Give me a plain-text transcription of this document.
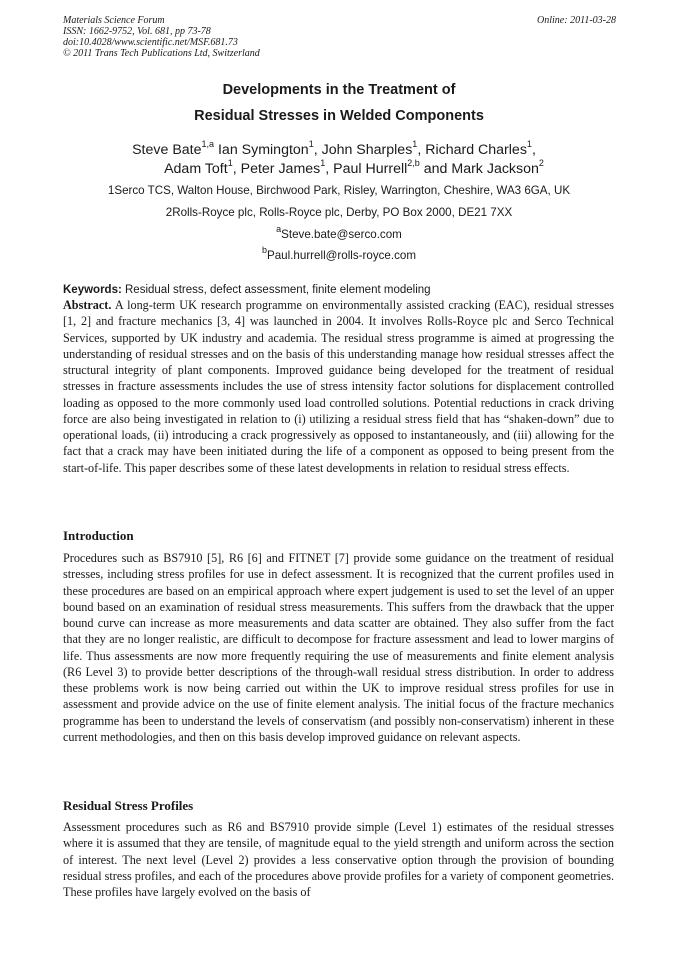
Materials Science Forum
ISSN: 1662-9752, Vol. 681, pp 73-78
doi:10.4028/www.scientific.net/MSF.681.73
© 2011 Trans Tech Publications Ltd, Switzerland
Online: 2011-03-28
Developments in the Treatment of
Residual Stresses in Welded Components
Steve Bate$^{1,a}$ Ian Symington$^1$, John Sharples$^1$, Richard Charles$^1$,
Adam Toft$^1$, Peter James$^1$, Paul Hurrell$^{2,b}$ and Mark Jackson$^2$
1Serco TCS, Walton House, Birchwood Park, Risley, Warrington, Cheshire, WA3 6GA, UK
2Rolls-Royce plc, Rolls-Royce plc, Derby, PO Box 2000, DE21 7XX
$^a$Steve.bate@serco.com
$^b$Paul.hurrell@rolls-royce.com
Keywords: Residual stress, defect assessment, finite element modeling

Abstract. A long-term UK research programme on environmentally assisted cracking (EAC), residual stresses [1, 2] and fracture mechanics [3, 4] was launched in 2004. It involves Rolls-Royce plc and Serco Technical Services, supported by UK industry and academia. The residual stress programme is aimed at progressing the understanding of residual stresses and on the basis of this understanding manage how residual stresses affect the structural integrity of plant components. Improved guidance being developed for the treatment of residual stresses in fracture assessments includes the use of stress intensity factor solutions for displacement controlled loading as opposed to the more commonly used load controlled solutions. Potential reductions in crack driving force are also being investigated in relation to (i) utilizing a residual stress field that has “shaken-down” due to operational loads, (ii) introducing a crack progressively as opposed to instantaneously, and (iii) allowing for the fact that a crack may have been initiated during the life of a component as opposed to being present from the start-of-life. This paper describes some of these latest developments in relation to residual stress effects.

Introduction

Procedures such as BS7910 [5], R6 [6] and FITNET [7] provide some guidance on the treatment of residual stresses, including stress profiles for use in defect assessment. It is recognized that the current profiles used in these procedures are based on an empirical approach where expert judgement is used to set the level of an upper bound based on an examination of residual stress measurements. This suffers from the drawback that the upper bound curve can increase as more measurements and data scatter are obtained. They also suffer from the fact that they are no longer realistic, are difficult to decompose for fracture assessment and lead to lower margins of life. Thus assessments are now more frequently requiring the use of measurements and finite element analysis (R6 Level 3) to provide better descriptions of the through-wall residual stress distribution. In order to address these problems work is now being carried out within the UK to improve residual stress profiles for use in assessment and provide advice on the use of finite element analysis. The initial focus of the fracture mechanics programme has been to understand the levels of conservatism (and possibly non-conservatism) inherent in these current methodologies, and then on this basis develop improved guidance on relevant aspects.

Residual Stress Profiles

Assessment procedures such as R6 and BS7910 provide simple (Level 1) estimates of the residual stresses where it is assumed that they are tensile, of magnitude equal to the yield strength and uniform across the section of interest. The next level (Level 2) provides a less conservative option through the provision of bounding residual stress profiles, and each of the procedures above provide profiles for a variety of component geometries. These profiles have largely evolved on the basis of
